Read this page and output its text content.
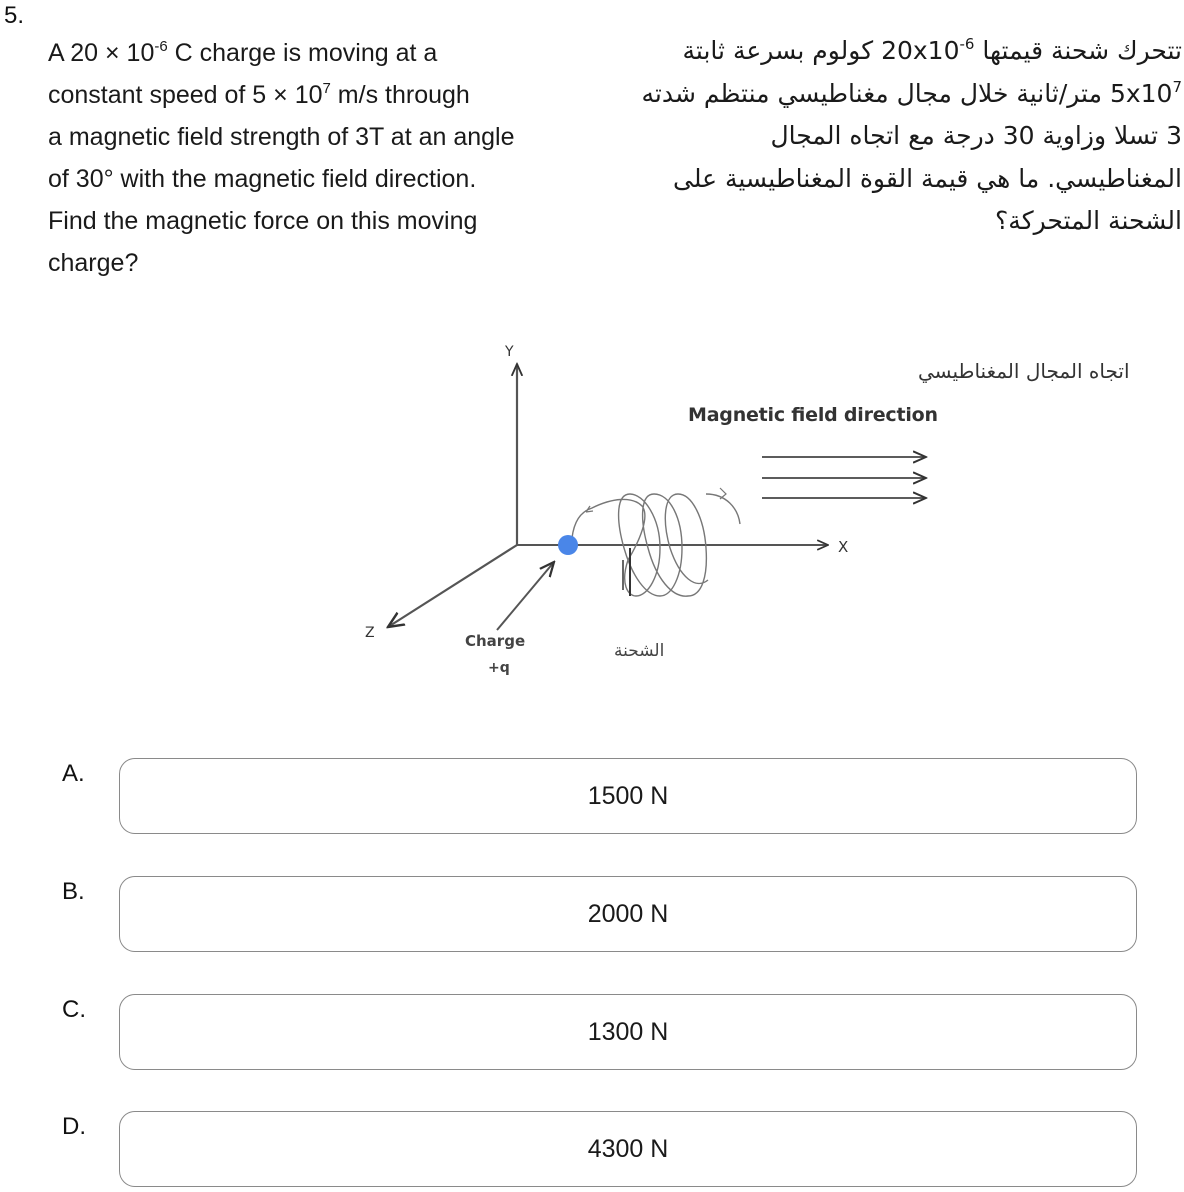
5.
A $20 \times 10^{-6}$ C charge is moving at a
constant speed of $5 \times 10^7$ m/s through
a magnetic field strength of 3T at an angle
of 30° with the magnetic field direction.
Find the magnetic force on this moving
charge?
تتحرك شحنة قيمتها $20x10^{-6}$ كولوم بسرعة ثابتة
$5x10^7$ متر/ثانية خلال مجال مغناطيسي منتظم شدته
3 تسلا وزاوية 30 درجة مع اتجاه المجال
المغناطيسي. ما هي قيمة القوة المغناطيسية على
الشحنة المتحركة؟
Y
X
Z	Charge	الشحنة
+q
اتجاه المجال المغناطيسي
Magnetic field direction
A.
1500 N
B.
2000 N
C.
1300 N
D.
4300 N
